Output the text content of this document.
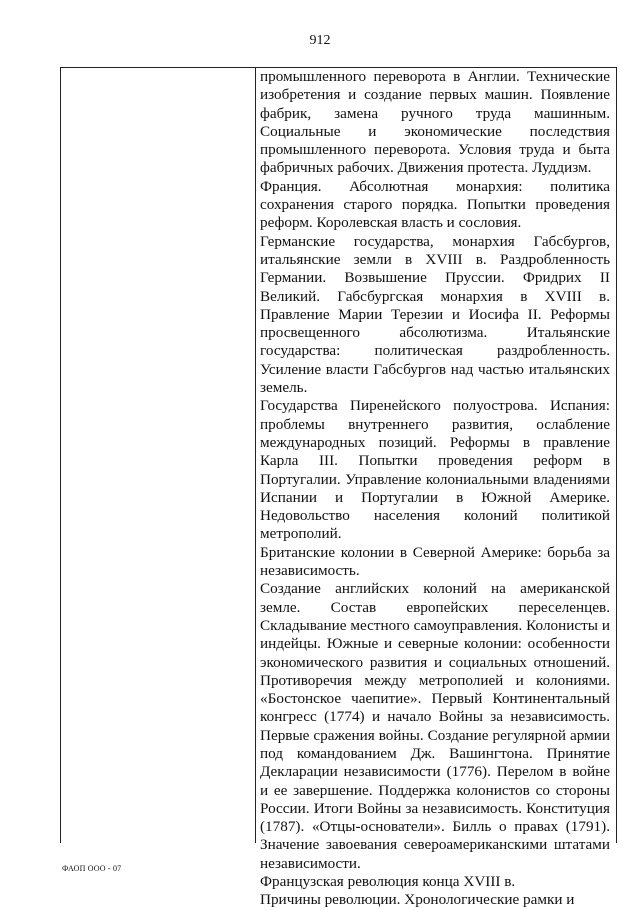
912

промышленного переворота в Англии. Технические изобретения и создание первых машин. Появление фабрик, замена ручного труда машинным. Социальные и экономические последствия промышленного переворота. Условия труда и быта фабричных рабочих. Движения протеста. Луддизм.

Франция. Абсолютная монархия: политика сохранения старого порядка. Попытки проведения реформ. Королевская власть и сословия.

Германские государства, монархия Габсбургов, итальянские земли в XVIII в. Раздробленность Германии. Возвышение Пруссии. Фридрих II Великий. Габсбургская монархия в XVIII в. Правление Марии Терезии и Иосифа II. Реформы просвещенного абсолютизма. Итальянские государства: политическая раздробленность. Усиление власти Габсбургов над частью итальянских земель.

Государства Пиренейского полуострова. Испания: проблемы внутреннего развития, ослабление международных позиций. Реформы в правление Карла III. Попытки проведения реформ в Португалии. Управление колониальными владениями Испании и Португалии в Южной Америке. Недовольство населения колоний политикой метрополий.

Британские колонии в Северной Америке: борьба за независимость.

Создание английских колоний на американской земле. Состав европейских переселенцев. Складывание местного самоуправления. Колонисты и индейцы. Южные и северные колонии: особенности экономического развития и социальных отношений. Противоречия между метрополией и колониями. «Бостонское чаепитие». Первый Континентальный конгресс (1774) и начало Войны за независимость. Первые сражения войны. Создание регулярной армии под командованием Дж. Вашингтона. Принятие Декларации независимости (1776). Перелом в войне и ее завершение. Поддержка колонистов со стороны России. Итоги Войны за независимость. Конституция (1787). «Отцы-основатели». Билль о правах (1791). Значение завоевания североамериканскими штатами независимости.

Французская революция конца XVIII в.

Причины революции. Хронологические рамки и

ФАОП ООО - 07
